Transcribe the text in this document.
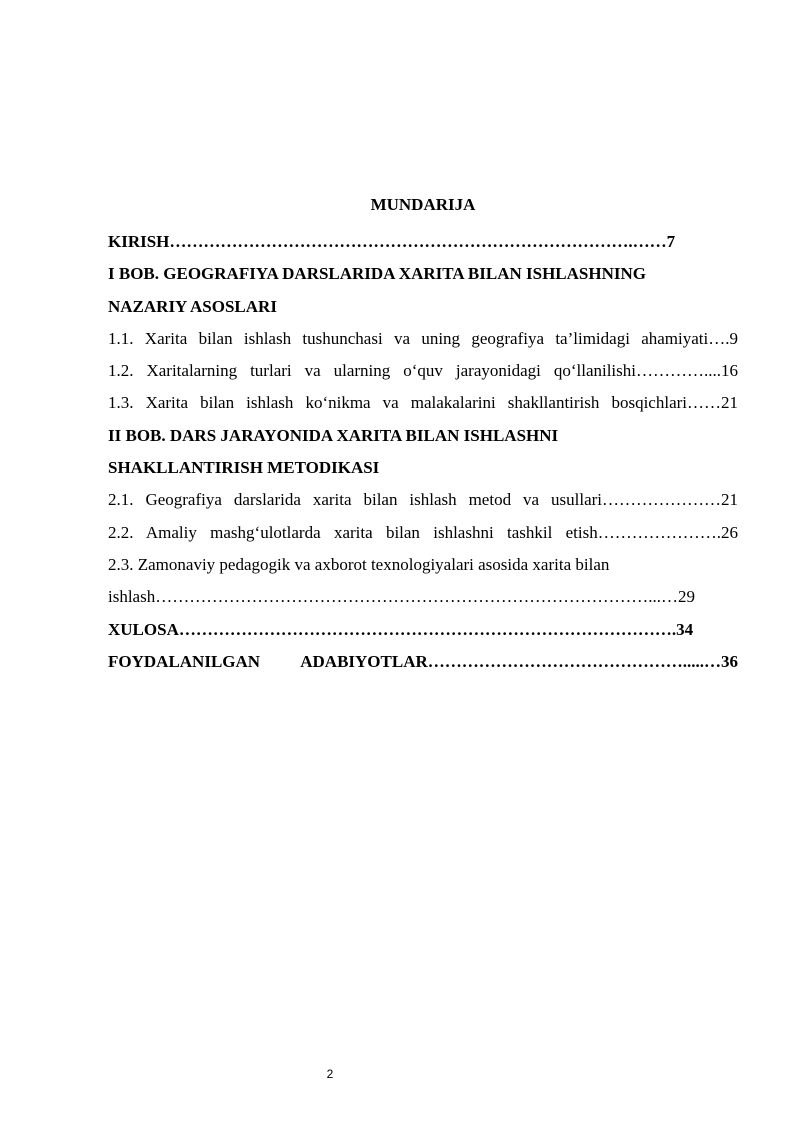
MUNDARIJA
KIRISH……………………………………………………………………….……7
I BOB. GEOGRAFIYA DARSLARIDA XARITA BILAN ISHLASHNING
NAZARIY ASOSLARI
1.1. Xarita bilan ishlash tushunchasi va uning geografiya ta’limidagi ahamiyati….9
1.2. Xaritalarning turlari va ularning o‘quv jarayonidagi qo‘llanilishi…………....16
1.3. Xarita bilan ishlash ko‘nikma va malakalarini shakllantirish bosqichlari……21
II BOB. DARS JARAYONIDA XARITA BILAN ISHLASHNI
SHAKLLANTIRISH METODIKASI
2.1. Geografiya darslarida xarita bilan ishlash metod va usullari…………………21
2.2. Amaliy mashg‘ulotlarda xarita bilan ishlashni tashkil etish………………….26
2.3. Zamonaviy pedagogik va axborot texnologiyalari asosida xarita bilan
ishlash……………………………………………………………………………...…29
XULOSA…………………………………………………………………………….34
FOYDALANILGAN ADABIYOTLAR……………………………………….....…36
2
